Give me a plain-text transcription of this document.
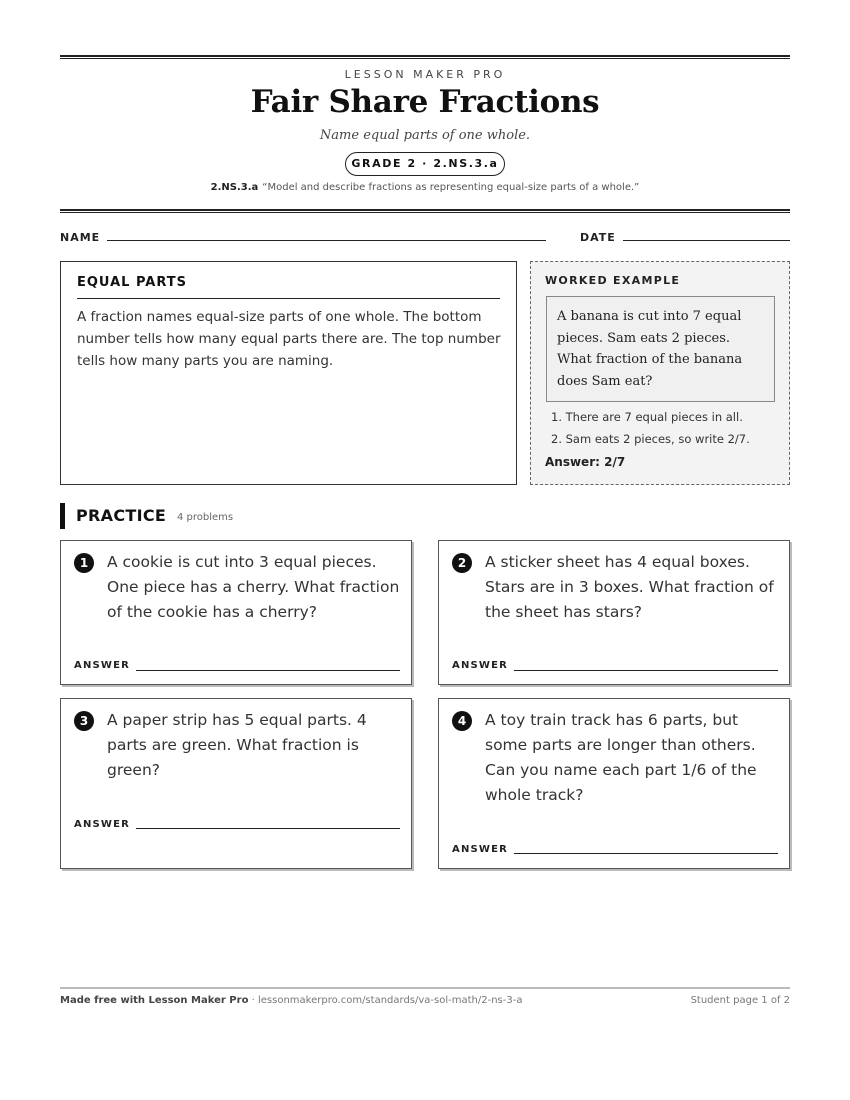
LESSON MAKER PRO
Fair Share Fractions
Name equal parts of one whole.
GRADE 2 · 2.NS.3.a
2.NS.3.a “Model and describe fractions as representing equal-size parts of a whole.”
NAME	DATE
EQUAL PARTS
A fraction names equal-size parts of one whole. The bottom number tells how many equal parts there are. The top number tells how many parts you are naming.
WORKED EXAMPLE
A banana is cut into 7 equal pieces. Sam eats 2 pieces. What fraction of the banana does Sam eat?
1. There are 7 equal pieces in all.
2. Sam eats 2 pieces, so write 2/7.
Answer: 2/7
PRACTICE 4 problems
1	A cookie is cut into 3 equal pieces. One piece has a cherry. What fraction of the cookie has a cherry?
ANSWER
2	A sticker sheet has 4 equal boxes. Stars are in 3 boxes. What fraction of the sheet has stars?
ANSWER
3	A paper strip has 5 equal parts. 4 parts are green. What fraction is green?
ANSWER
4	A toy train track has 6 parts, but some parts are longer than others. Can you name each part 1/6 of the whole track?
ANSWER
Made free with Lesson Maker Pro · lessonmakerpro.com/standards/va-sol-math/2-ns-3-a	Student page 1 of 2
